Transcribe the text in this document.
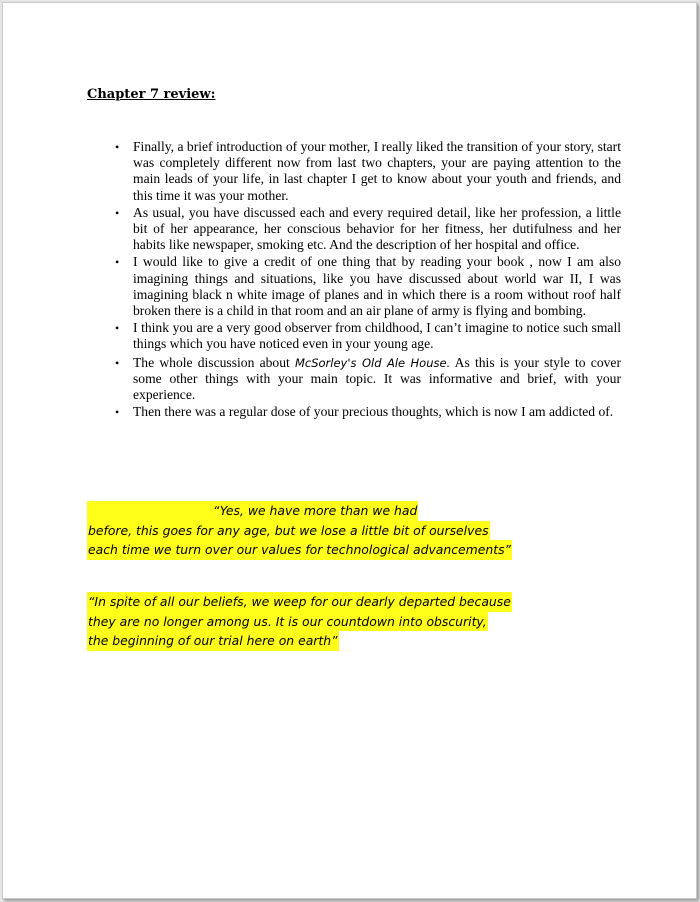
Chapter 7 review:
• Finally, a brief introduction of your mother, I really liked the transition of your story, start was completely different now from last two chapters, your are paying attention to the main leads of your life, in last chapter I get to know about your youth and friends, and this time it was your mother.
• As usual, you have discussed each and every required detail, like her profession, a little bit of her appearance, her conscious behavior for her fitness, her dutifulness and her habits like newspaper, smoking etc. And the description of her hospital and office.
• I would like to give a credit of one thing that by reading your book , now I am also imagining things and situations, like you have discussed about world war II, I was imagining black n white image of planes and in which there is a room without roof half broken there is a child in that room and an air plane of army is flying and bombing.
• I think you are a very good observer from childhood, I can’t imagine to notice such small things which you have noticed even in your young age.
• The whole discussion about McSorley's Old Ale House. As this is your style to cover some other things with your main topic. It was informative and brief, with your experience.
• Then there was a regular dose of your precious thoughts, which is now I am addicted of.
“Yes, we have more than we had
before, this goes for any age, but we lose a little bit of ourselves
each time we turn over our values for technological advancements”
“In spite of all our beliefs, we weep for our dearly departed because
they are no longer among us. It is our countdown into obscurity,
the beginning of our trial here on earth”
